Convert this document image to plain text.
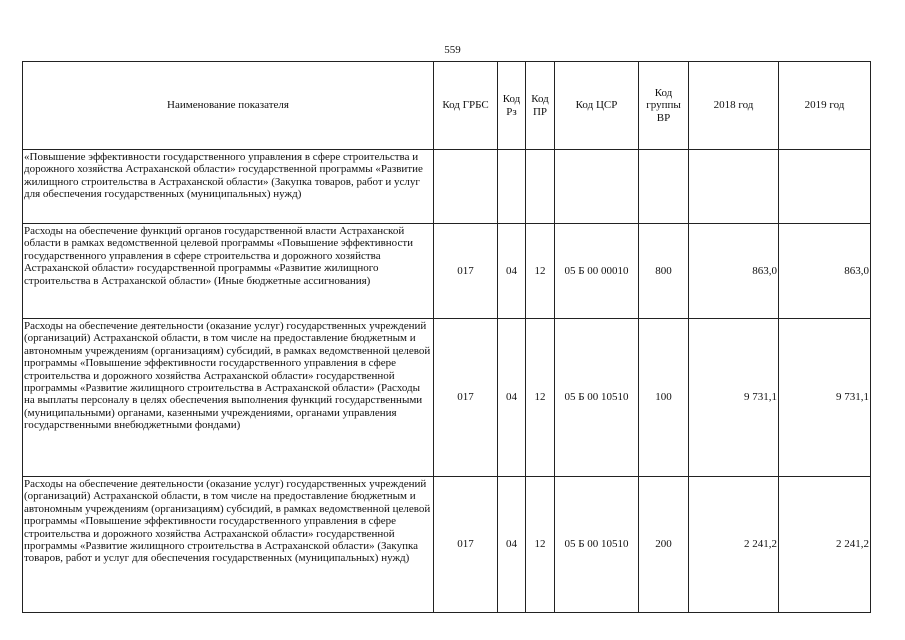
559
Наименование показателя	Код ГРБС	Код Рз	Код ПР	Код ЦСР	Код группы ВР	2018 год	2019 год
«Повышение эффективности государственного управления в сфере строительства и дорожного хозяйства Астраханской области» государственной программы «Развитие жилищного строительства в Астраханской области» (Закупка товаров, работ и услуг для обеспечения государственных (муниципальных) нужд)							
Расходы на обеспечение функций органов государственной власти Астраханской области в рамках ведомственной целевой программы «Повышение эффективности государственного управления в сфере строительства и дорожного хозяйства Астраханской области» государственной программы «Развитие жилищного строительства в Астраханской области» (Иные бюджетные ассигнования)	017	04	12	05 Б 00 00010	800	863,0	863,0
Расходы на обеспечение деятельности (оказание услуг) государственных учреждений (организаций) Астраханской области, в том числе на предоставление бюджетным и автономным учреждениям (организациям) субсидий, в рамках ведомственной целевой программы «Повышение эффективности государственного управления в сфере строительства и дорожного хозяйства Астраханской области» государственной программы «Развитие жилищного строительства в Астраханской области» (Расходы на выплаты персоналу в целях обеспечения выполнения функций государственными (муниципальными) органами, казенными учреждениями, органами управления государственными внебюджетными фондами)	017	04	12	05 Б 00 10510	100	9 731,1	9 731,1
Расходы на обеспечение деятельности (оказание услуг) государственных учреждений (организаций) Астраханской области, в том числе на предоставление бюджетным и автономным учреждениям (организациям) субсидий, в рамках ведомственной целевой программы «Повышение эффективности государственного управления в сфере строительства и дорожного хозяйства Астраханской области» государственной программы «Развитие жилищного строительства в Астраханской области» (Закупка товаров, работ и услуг для обеспечения государственных (муниципальных) нужд)	017	04	12	05 Б 00 10510	200	2 241,2	2 241,2
